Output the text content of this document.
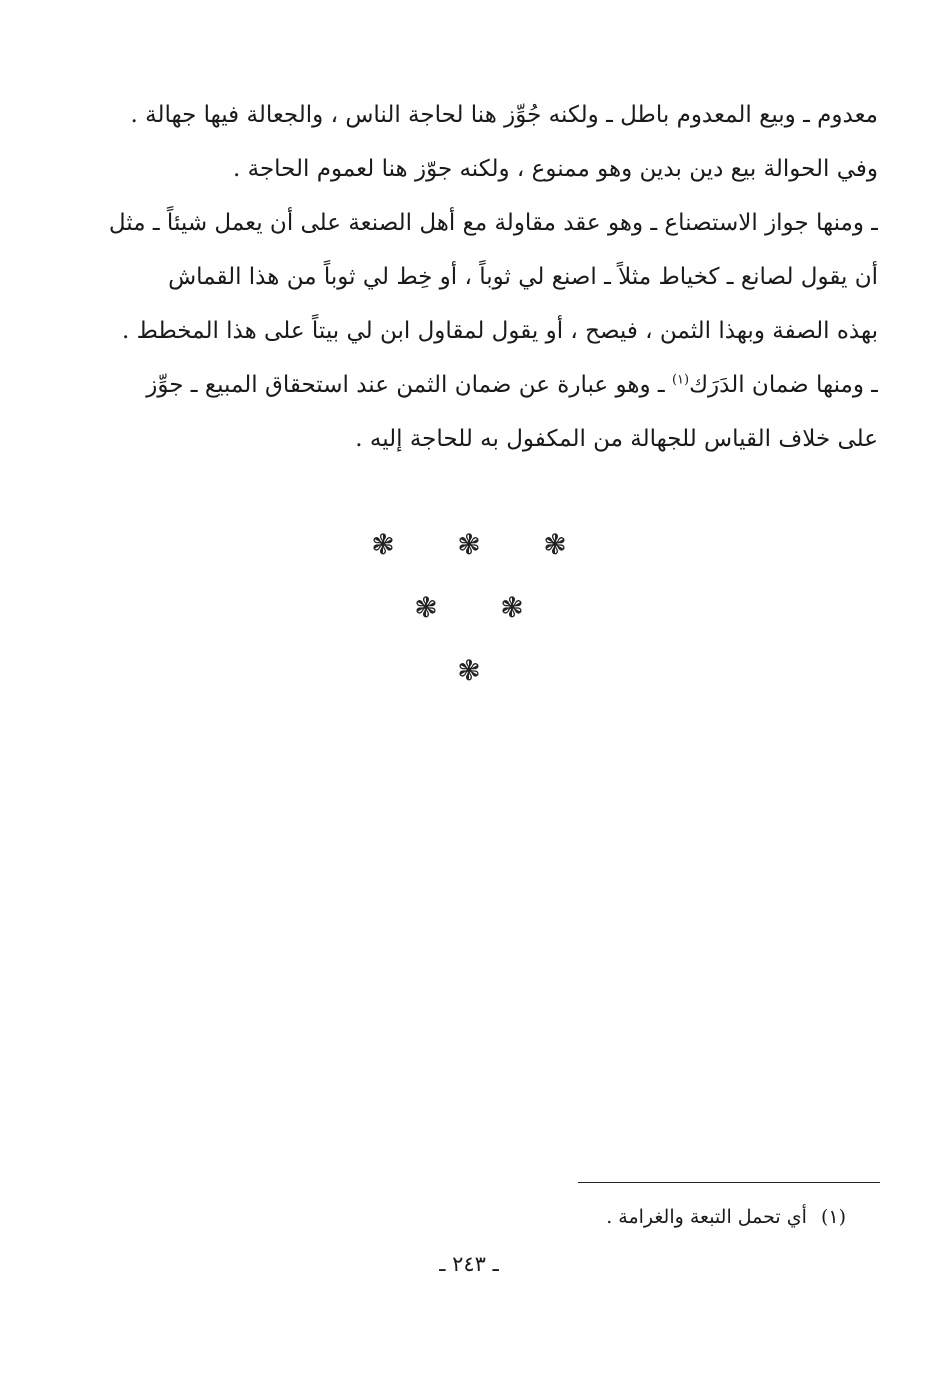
معدوم ـ وبيع المعدوم باطل ـ ولكنه جُوِّز هنا لحاجة الناس ، والجعالة فيها جهالة .
وفي الحوالة بيع دين بدين وهو ممنوع ، ولكنه جوّز هنا لعموم الحاجة .
ـ ومنها جواز الاستصناع ـ وهو عقد مقاولة مع أهل الصنعة على أن يعمل شيئاً ـ مثل
أن يقول لصانع ـ كخياط مثلاً ـ اصنع لي ثوباً ، أو خِط لي ثوباً من هذا القماش
بهذه الصفة وبهذا الثمن ، فيصح ، أو يقول لمقاول ابن لي بيتاً على هذا المخطط .
ـ ومنها ضمان الدَرَك$^{(١)}$ ـ وهو عبارة عن ضمان الثمن عند استحقاق المبيع ـ جوِّز
على خلاف القياس للجهالة من المكفول به للحاجة إليه .
❃ ❃ ❃
❃ ❃
❃
(١) أي تحمل التبعة والغرامة .
ـ ٢٤٣ ـ
